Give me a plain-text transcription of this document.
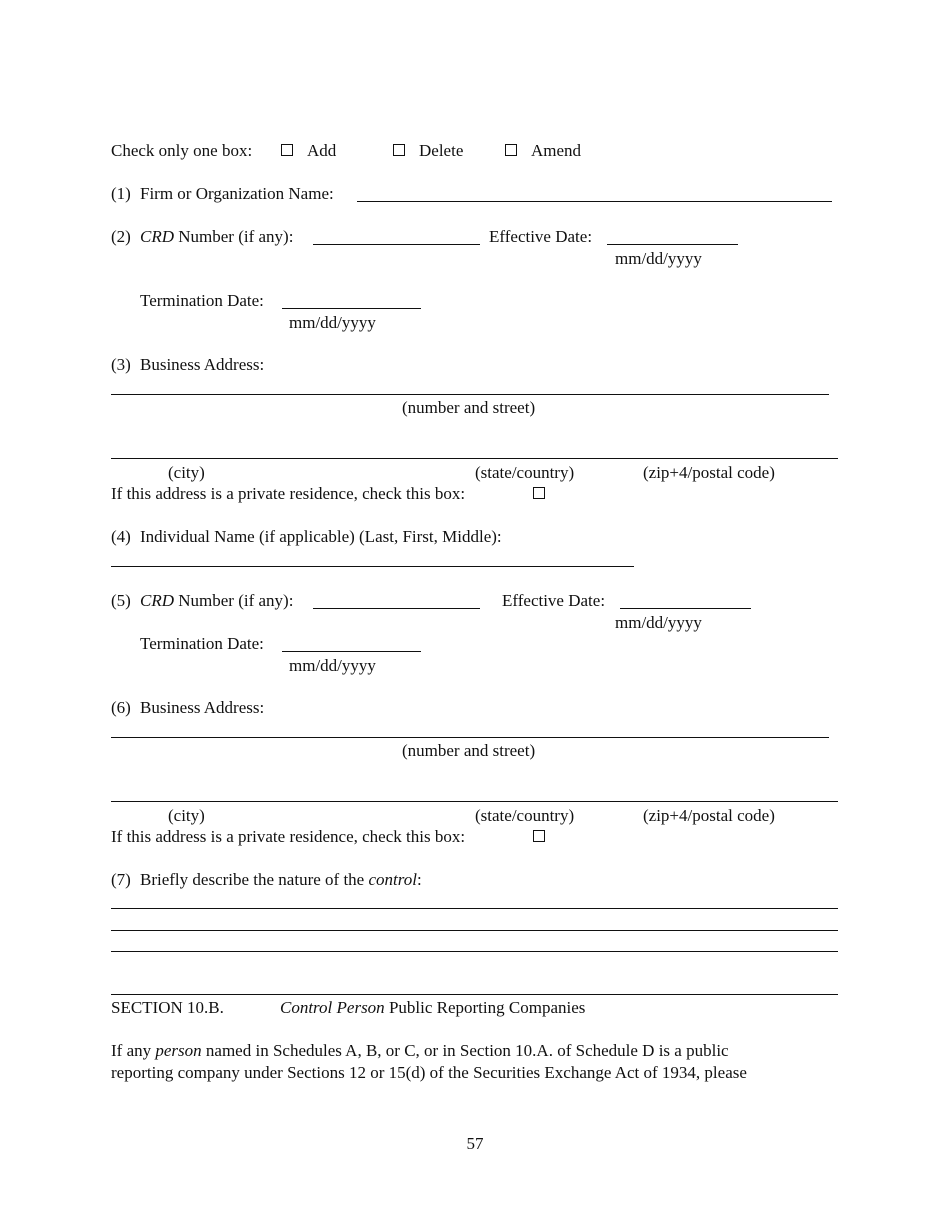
Check only one box:	Add	Delete	Amend
(1) Firm or Organization Name:
(2) CRD Number (if any):	Effective Date:
mm/dd/yyyy
Termination Date:
mm/dd/yyyy
(3) Business Address:
(number and street)
(city)	(state/country)	(zip+4/postal code)
If this address is a private residence, check this box:
(4) Individual Name (if applicable) (Last, First, Middle):
(5) CRD Number (if any):	Effective Date:
mm/dd/yyyy
Termination Date:
mm/dd/yyyy
(6) Business Address:
(number and street)
(city)	(state/country)	(zip+4/postal code)
If this address is a private residence, check this box:
(7) Briefly describe the nature of the control:
SECTION 10.B.	Control Person Public Reporting Companies
If any person named in Schedules A, B, or C, or in Section 10.A. of Schedule D is a public
reporting company under Sections 12 or 15(d) of the Securities Exchange Act of 1934, please
57
